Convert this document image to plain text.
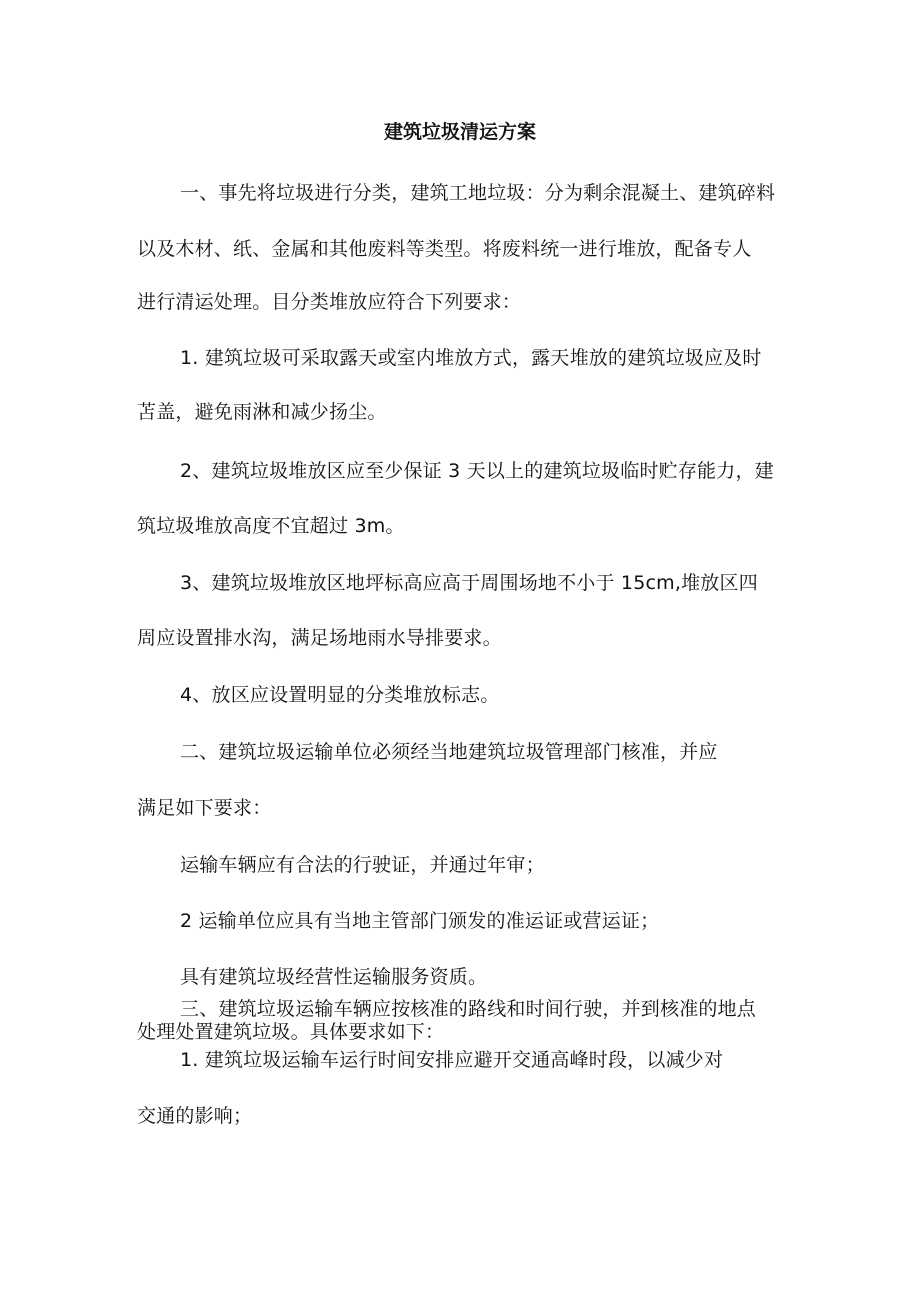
建筑垃圾清运方案
一、事先将垃圾进行分类，建筑工地垃圾：分为剩余混凝土、建筑碎料
以及木材、纸、金属和其他废料等类型。将废料统一进行堆放，配备专人
进行清运处理。目分类堆放应符合下列要求：
1. 建筑垃圾可采取露天或室内堆放方式，露天堆放的建筑垃圾应及时
苫盖，避免雨淋和减少扬尘。
2、建筑垃圾堆放区应至少保证 3 天以上的建筑垃圾临时贮存能力，建
筑垃圾堆放高度不宜超过 3m。
3、建筑垃圾堆放区地坪标高应高于周围场地不小于 15cm,堆放区四
周应设置排水沟，满足场地雨水导排要求。
4、放区应设置明显的分类堆放标志。
二、建筑垃圾运输单位必须经当地建筑垃圾管理部门核准，并应
满足如下要求：
运输车辆应有合法的行驶证，并通过年审；
2 运输单位应具有当地主管部门颁发的准运证或营运证；
具有建筑垃圾经营性运输服务资质。
三、建筑垃圾运输车辆应按核准的路线和时间行驶，并到核准的地点
处理处置建筑垃圾。具体要求如下：
1. 建筑垃圾运输车运行时间安排应避开交通高峰时段，以减少对
交通的影响；
